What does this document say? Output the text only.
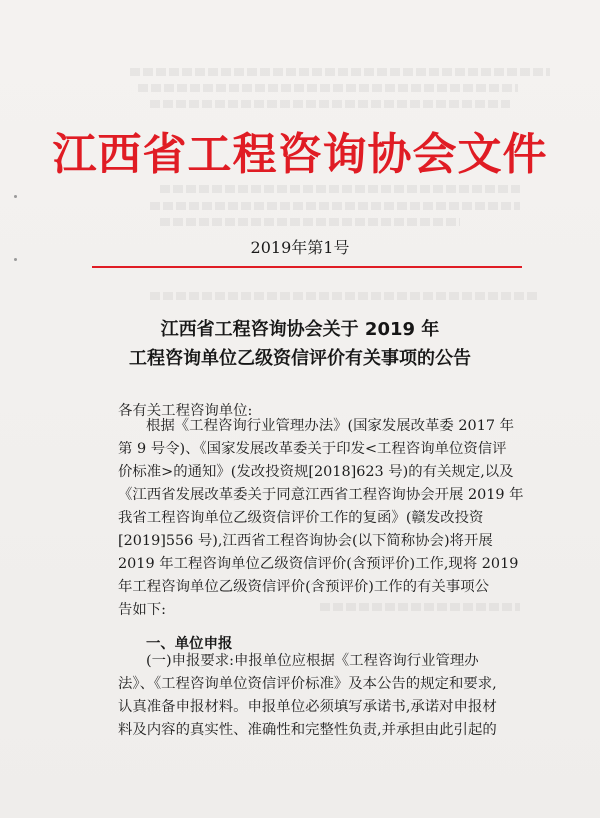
江西省工程咨询协会文件
2019年第1号
江西省工程咨询协会关于 2019 年
工程咨询单位乙级资信评价有关事项的公告
各有关工程咨询单位:
根据《工程咨询行业管理办法》(国家发展改革委 2017 年
第 9 号令)、《国家发展改革委关于印发<工程咨询单位资信评
价标准>的通知》(发改投资规[2018]623 号)的有关规定,以及
《江西省发展改革委关于同意江西省工程咨询协会开展 2019 年
我省工程咨询单位乙级资信评价工作的复函》(赣发改投资
[2019]556 号),江西省工程咨询协会(以下简称协会)将开展
2019 年工程咨询单位乙级资信评价(含预评价)工作,现将 2019
年工程咨询单位乙级资信评价(含预评价)工作的有关事项公
告如下:
一、单位申报
(一)申报要求:申报单位应根据《工程咨询行业管理办
法》、《工程咨询单位资信评价标准》及本公告的规定和要求,
认真准备申报材料。申报单位必须填写承诺书,承诺对申报材
料及内容的真实性、准确性和完整性负责,并承担由此引起的
